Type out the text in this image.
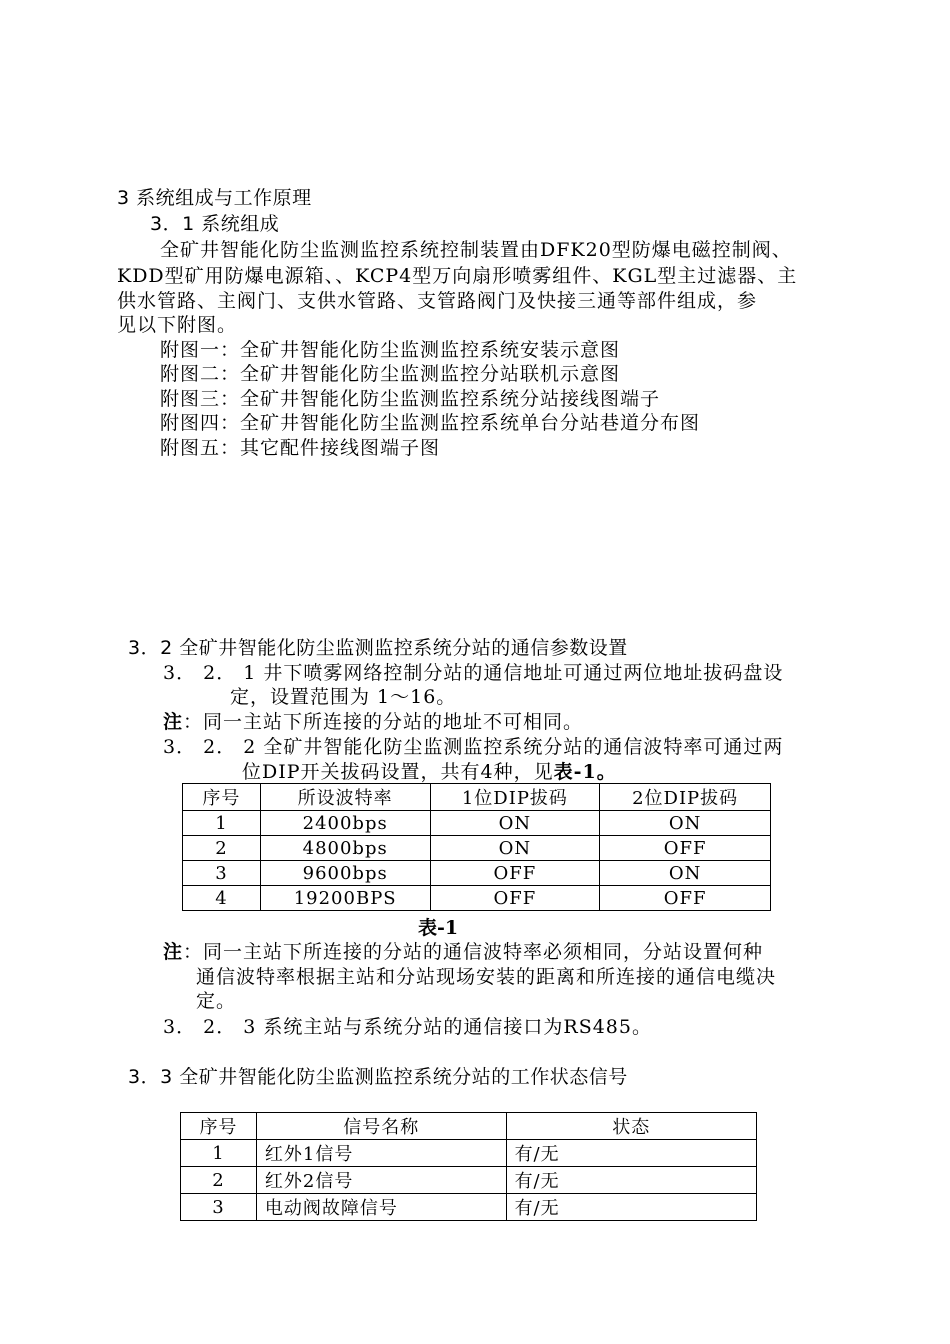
3 系统组成与工作原理
3．1 系统组成
全矿井智能化防尘监测监控系统控制装置由DFK20型防爆电磁控制阀、
KDD型矿用防爆电源箱、、KCP4型万向扇形喷雾组件、KGL型主过滤器、主
供水管路、主阀门、支供水管路、支管路阀门及快接三通等部件组成，参
见以下附图。
附图一：全矿井智能化防尘监测监控系统安装示意图
附图二：全矿井智能化防尘监测监控分站联机示意图
附图三：全矿井智能化防尘监测监控系统分站接线图端子
附图四：全矿井智能化防尘监测监控系统单台分站巷道分布图
附图五：其它配件接线图端子图
3．2 全矿井智能化防尘监测监控系统分站的通信参数设置
3． 2． 1 井下喷雾网络控制分站的通信地址可通过两位地址拔码盘设
定，设置范围为 1～16。
注：同一主站下所连接的分站的地址不可相同。
3． 2． 2 全矿井智能化防尘监测监控系统分站的通信波特率可通过两
位DIP开关拔码设置，共有4种，见表-1。
序号	所设波特率	1位DIP拔码	2位DIP拔码
1	2400bps	ON	ON
2	4800bps	ON	OFF
3	9600bps	OFF	ON
4	19200BPS	OFF	OFF
表-1
注：同一主站下所连接的分站的通信波特率必须相同，分站设置何种
通信波特率根据主站和分站现场安装的距离和所连接的通信电缆决
定。
3． 2． 3 系统主站与系统分站的通信接口为RS485。
3．3 全矿井智能化防尘监测监控系统分站的工作状态信号
序号	信号名称	状态
1	红外1信号	有/无
2	红外2信号	有/无
3	电动阀故障信号	有/无
